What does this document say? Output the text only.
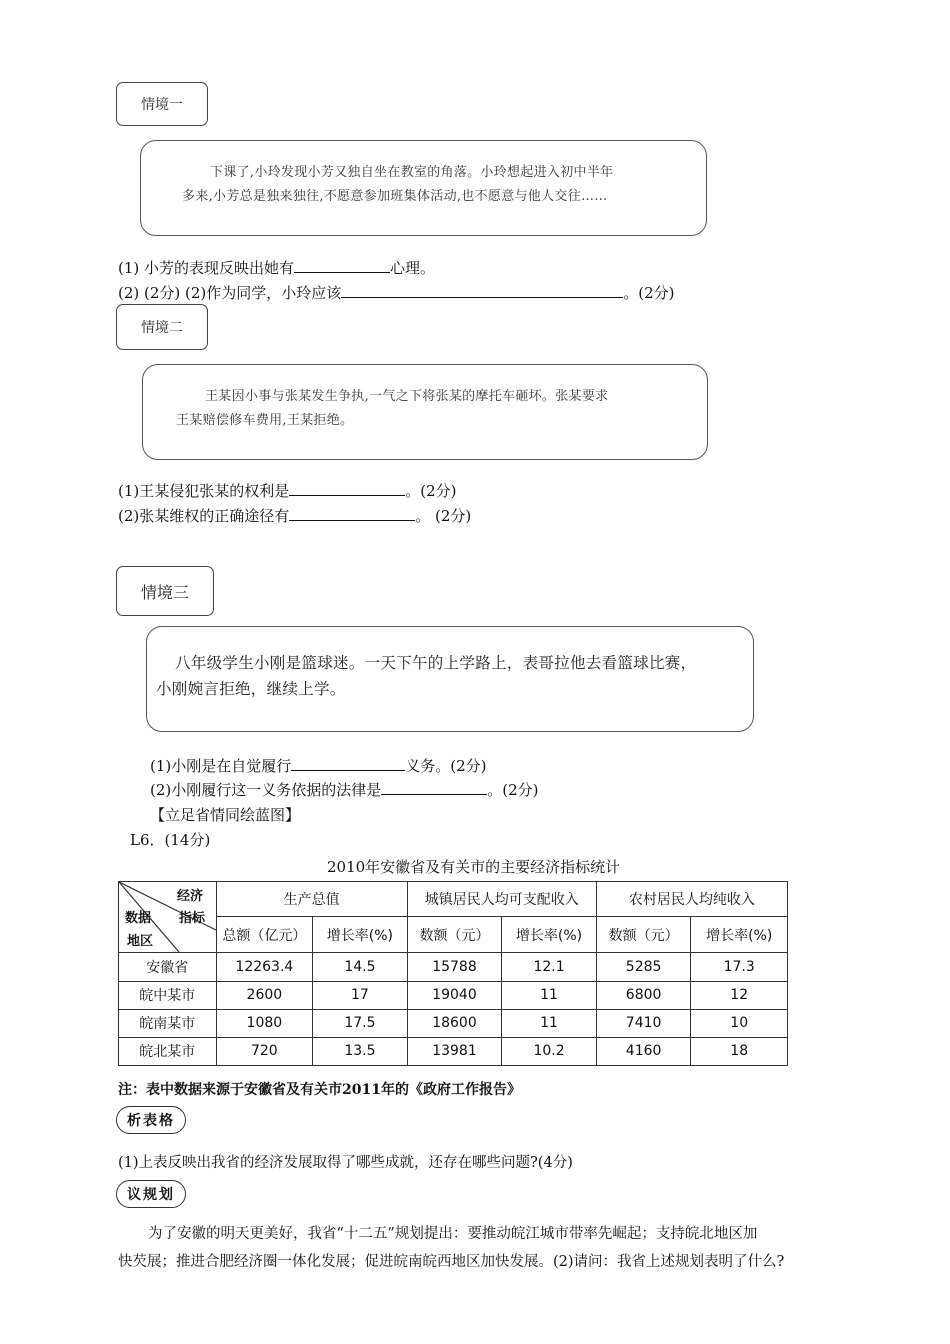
情境一
下课了,小玲发现小芳又独自坐在教室的角落。小玲想起进入初中半年
多来,小芳总是独来独往,不愿意参加班集体活动,也不愿意与他人交往……
(1) 小芳的表现反映出她有	心理。
(2) (2分) (2)作为同学，小玲应该	。(2分)
情境二
王某因小事与张某发生争执,一气之下将张某的摩托车砸坏。张某要求
王某赔偿修车费用,王某拒绝。
(1)王某侵犯张某的权利是	。(2分)
(2)张某维权的正确途径有	。 (2分)
情境三
八年级学生小刚是篮球迷。一天下午的上学路上，表哥拉他去看篮球比赛，
小刚婉言拒绝，继续上学。
(1)小刚是在自觉履行	义务。(2分)
(2)小刚履行这一义务依据的法律是	。(2分)
【立足省情同绘蓝图】
L6．(14分)
2010年安徽省及有关市的主要经济指标统计
经济
数据 指标
地区	生产总值		城镇居民人均可支配收入		农村居民人均纯收入	
	总额（亿元）	增长率(%)	数额（元）	增长率(%)	数额（元）	增长率(%)
安徽省	12263.4	14.5	15788	12.1	5285	17.3
皖中某市	2600	17	19040	11	6800	12
皖南某市	1080	17.5	18600	11	7410	10
皖北某市	720	13.5	13981	10.2	4160	18
注：表中数据来源于安徽省及有关市2011年的《政府工作报告》
析表格
(1)上表反映出我省的经济发展取得了哪些成就，还存在哪些问题?(4分)
议规划
为了安徽的明天更美好，我省“十二五”规划提出：要推动皖江城市带率先崛起；支持皖北地区加
快芡展；推进合肥经济圈一体化发展；促进皖南皖西地区加快发展。(2)请问：我省上述规划表明了什么?
